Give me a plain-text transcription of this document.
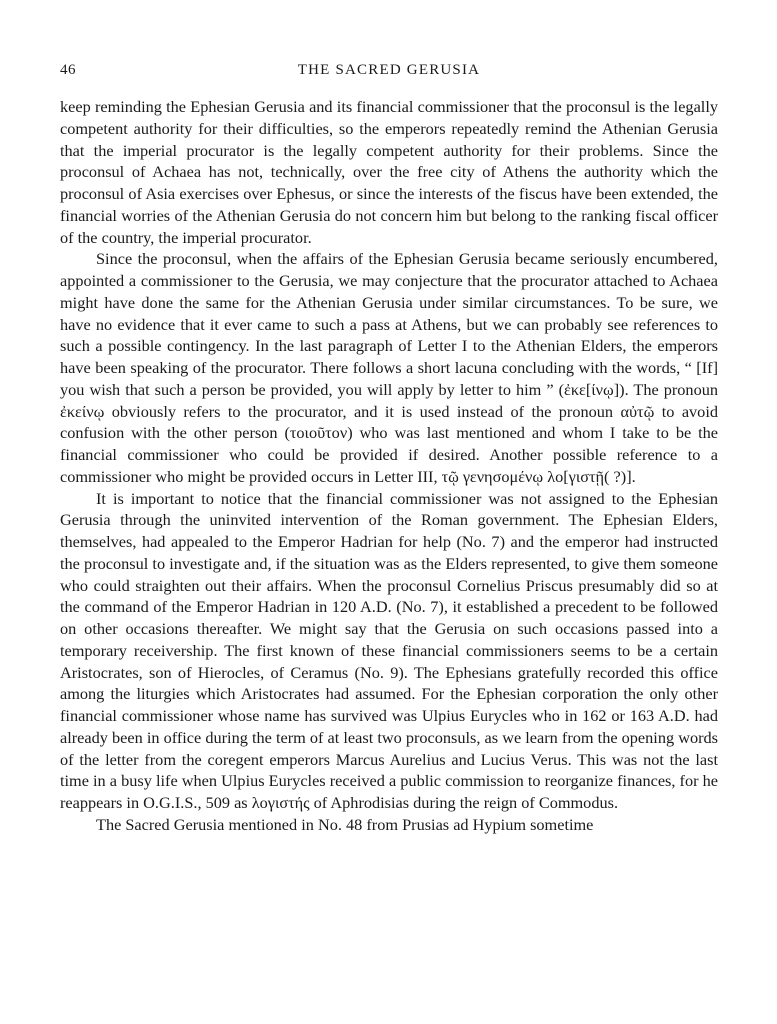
46	THE SACRED GERUSIA

keep reminding the Ephesian Gerusia and its financial commissioner that the proconsul is the legally competent authority for their difficulties, so the emperors repeatedly remind the Athenian Gerusia that the imperial procurator is the legally competent authority for their problems. Since the proconsul of Achaea has not, technically, over the free city of Athens the authority which the proconsul of Asia exercises over Ephesus, or since the interests of the fiscus have been extended, the financial worries of the Athenian Gerusia do not concern him but belong to the ranking fiscal officer of the country, the imperial procurator.

Since the proconsul, when the affairs of the Ephesian Gerusia became seriously encumbered, appointed a commissioner to the Gerusia, we may conjecture that the procurator attached to Achaea might have done the same for the Athenian Gerusia under similar circumstances. To be sure, we have no evidence that it ever came to such a pass at Athens, but we can probably see references to such a possible contingency. In the last paragraph of Letter I to the Athenian Elders, the emperors have been speaking of the procurator. There follows a short lacuna concluding with the words, “ [If] you wish that such a person be provided, you will apply by letter to him ” (ἐκε[ίνῳ]). The pronoun ἐκείνῳ obviously refers to the procurator, and it is used instead of the pronoun αὐτῷ to avoid confusion with the other person (τοιοῦτον) who was last mentioned and whom I take to be the financial commissioner who could be provided if desired. Another possible reference to a commissioner who might be provided occurs in Letter III, τῷ γενησομένῳ λο[γιστῇ( ?)].

It is important to notice that the financial commissioner was not assigned to the Ephesian Gerusia through the uninvited intervention of the Roman government. The Ephesian Elders, themselves, had appealed to the Emperor Hadrian for help (No. 7) and the emperor had instructed the proconsul to investigate and, if the situation was as the Elders represented, to give them someone who could straighten out their affairs. When the proconsul Cornelius Priscus presumably did so at the command of the Emperor Hadrian in 120 A.D. (No. 7), it established a precedent to be followed on other occasions thereafter. We might say that the Gerusia on such occasions passed into a temporary receivership. The first known of these financial commissioners seems to be a certain Aristocrates, son of Hierocles, of Ceramus (No. 9). The Ephesians gratefully recorded this office among the liturgies which Aristocrates had assumed. For the Ephesian corporation the only other financial commissioner whose name has survived was Ulpius Eurycles who in 162 or 163 A.D. had already been in office during the term of at least two proconsuls, as we learn from the opening words of the letter from the coregent emperors Marcus Aurelius and Lucius Verus. This was not the last time in a busy life when Ulpius Eurycles received a public commission to reorganize finances, for he reappears in O.G.I.S., 509 as λογιστής of Aphrodisias during the reign of Commodus.

The Sacred Gerusia mentioned in No. 48 from Prusias ad Hypium sometime
